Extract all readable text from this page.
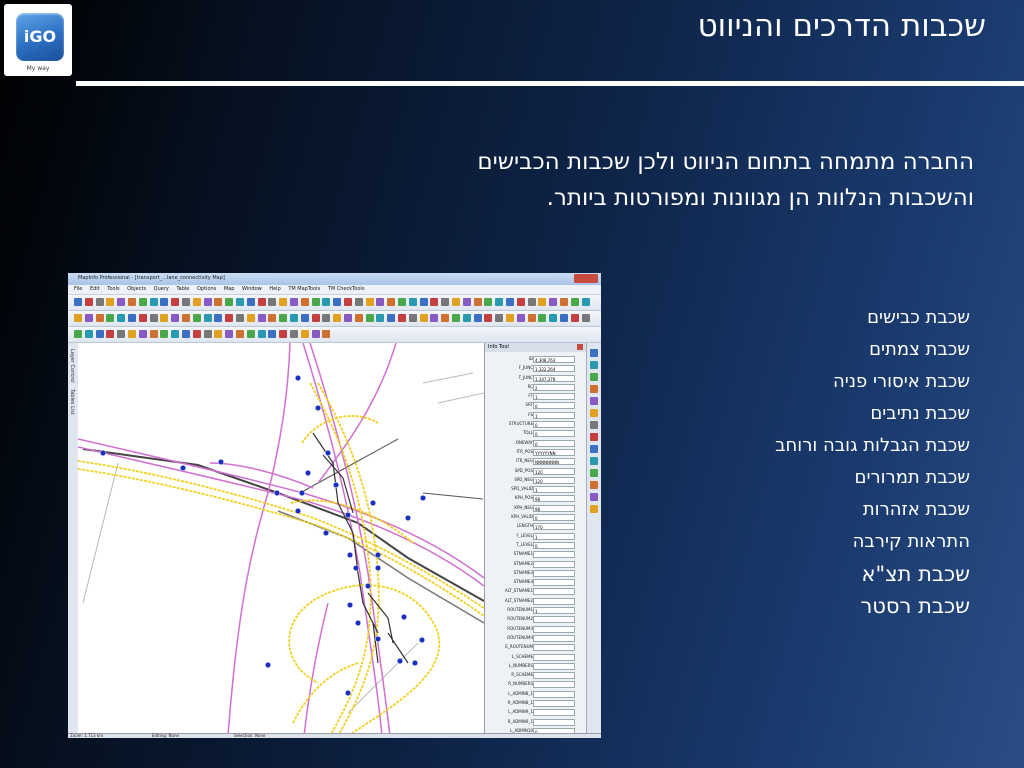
iGO
My way
שכבות הדרכים והניווט
החברה מתמחה בתחום הניווט ולכן שכבות הכבישים
והשכבות הנלוות הן מגוונות ומפורטות ביותר.
שכבת כבישים
שכבת צמתים
שכבת איסורי פניה
שכבת נתיבים
שכבת הגבלות גובה ורוחב
שכבת תמרורים
שכבת אזהרות
התראות קירבה
שכבת תצ"א
שכבת רסטר
MapInfo Professional - [transport_...lane_connectivity Map]
File Edit Tools Objects Query Table Options Map Window Help TM MapTools TM CheckTools
Layer Control
Tables List
Info Tool
ID 4,308,763
F_JUNC 1,322,264
T_JUNC 1,347,378
RC 2
FT 1
SRT 0
FS 1
STRUCTURE 0
TOLL 0
ONEWAY 0
ITR_POS YYYYYYNN
ITR_NEG NNNNNNNN
SPD_POS 120
SPD_NEG 120
SPD_VALID 1
KPH_POS 98
KPH_NEG 98
KPH_VALID 0
LENGTH 170
F_LEVEL 1
T_LEVEL 0
STNAME1
STNAME2
STNAME3
STNAME4
ALT_STNAME1
ALT_STNAME2
ROUTENUM1 1
ROUTENUM2
ROUTENUM3
ROUTENUM4
E_ROUTENUM
L_SCHEME
L_NUMBERS
R_SCHEME
R_NUMBERS
L_ADMIN8_1
R_ADMIN8_1
L_ADMIN9_1
R_ADMIN9_1
L_ADMIN10
Zoom: 1.713 km	Editing: None	Selection: None
